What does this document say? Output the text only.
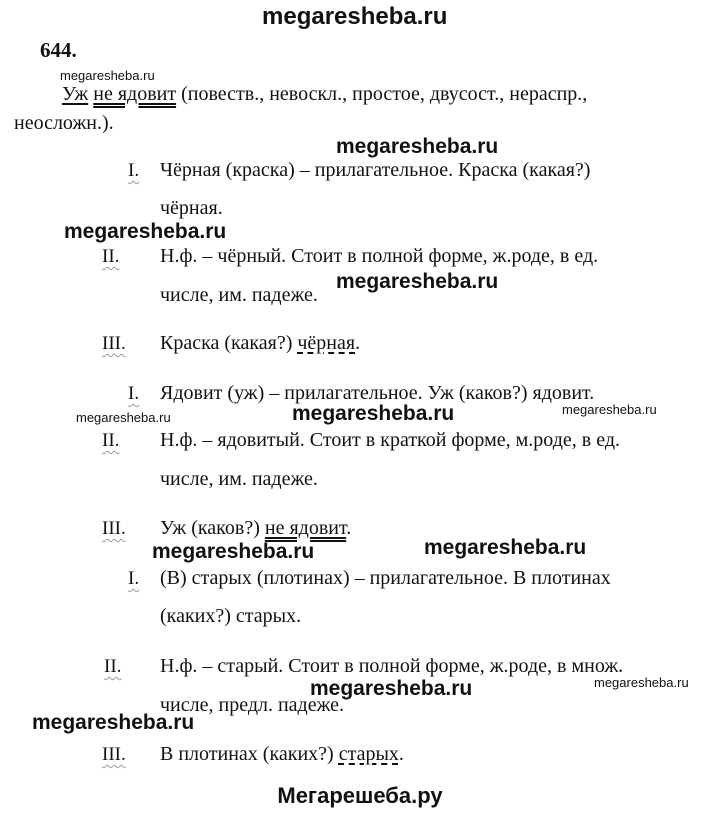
megaresheba.ru
644.
megaresheba.ru
megaresheba.ru
megaresheba.ru
megaresheba.ru
megaresheba.ru	megaresheba.ru	megaresheba.ru
megaresheba.ru	megaresheba.ru
megaresheba.ru
megaresheba.ru
megaresheba.ru
Уж не ядовит (повеств., невоскл., простое, двусост., нераспр.,
неосложн.).
I. Чёрная (краска) – прилагательное. Краска (какая?)
чёрная.
II. Н.ф. – чёрный. Стоит в полной форме, ж.роде, в ед.
числе, им. падеже.
III. Краска (какая?) чёрная.
I. Ядовит (уж) – прилагательное. Уж (каков?) ядовит.
II. Н.ф. – ядовитый. Стоит в краткой форме, м.роде, в ед.
числе, им. падеже.
III. Уж (каков?) не ядовит.
I. (В) старых (плотинах) – прилагательное. В плотинах
(каких?) старых.
II. Н.ф. – старый. Стоит в полной форме, ж.роде, в множ.
числе, предл. падеже.
III. В плотинах (каких?) старых.
Мегарешеба.ру
